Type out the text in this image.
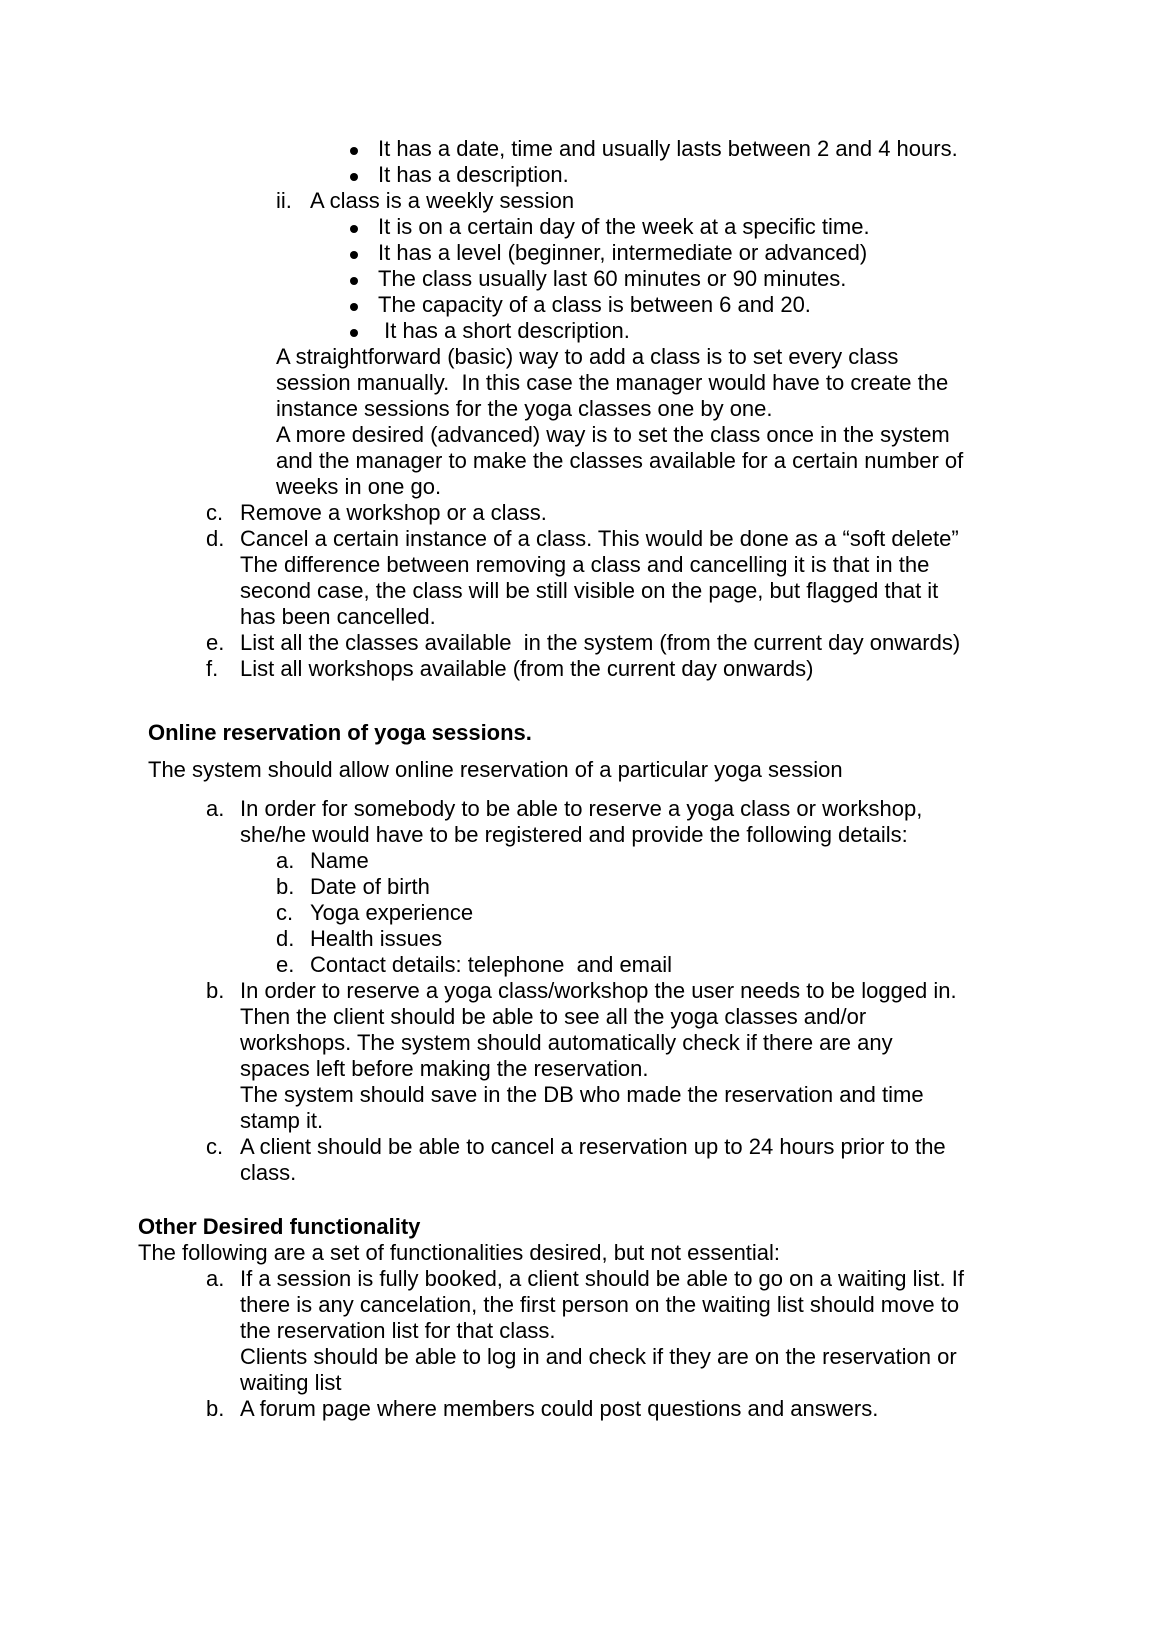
It has a date, time and usually lasts between 2 and 4 hours.
It has a description.
ii. A class is a weekly session
It is on a certain day of the week at a specific time.
It has a level (beginner, intermediate or advanced)
The class usually last 60 minutes or 90 minutes.
The capacity of a class is between 6 and 20.
It has a short description.
A straightforward (basic) way to add a class is to set every class
session manually.  In this case the manager would have to create the
instance sessions for the yoga classes one by one.
A more desired (advanced) way is to set the class once in the system
and the manager to make the classes available for a certain number of
weeks in one go.
c. Remove a workshop or a class.
d. Cancel a certain instance of a class. This would be done as a “soft delete”
The difference between removing a class and cancelling it is that in the
second case, the class will be still visible on the page, but flagged that it
has been cancelled.
e. List all the classes available  in the system (from the current day onwards)
f. List all workshops available (from the current day onwards)
Online reservation of yoga sessions.
The system should allow online reservation of a particular yoga session
a. In order for somebody to be able to reserve a yoga class or workshop,
she/he would have to be registered and provide the following details:
a. Name
b. Date of birth
c. Yoga experience
d. Health issues
e. Contact details: telephone  and email
b. In order to reserve a yoga class/workshop the user needs to be logged in.
Then the client should be able to see all the yoga classes and/or
workshops. The system should automatically check if there are any
spaces left before making the reservation.
The system should save in the DB who made the reservation and time
stamp it.
c. A client should be able to cancel a reservation up to 24 hours prior to the
class.
Other Desired functionality
The following are a set of functionalities desired, but not essential:
a. If a session is fully booked, a client should be able to go on a waiting list. If
there is any cancelation, the first person on the waiting list should move to
the reservation list for that class.
Clients should be able to log in and check if they are on the reservation or
waiting list
b. A forum page where members could post questions and answers.
